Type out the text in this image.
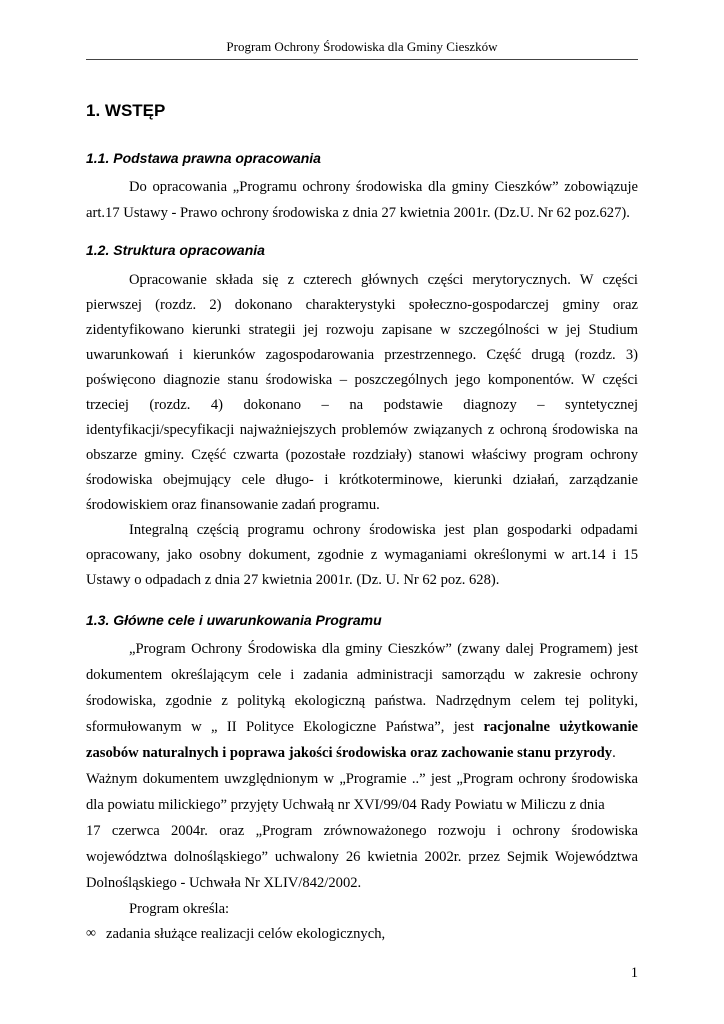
Program Ochrony Środowiska dla Gminy Cieszków
1. WSTĘP
1.1. Podstawa prawna opracowania
Do opracowania „Programu ochrony środowiska dla gminy Cieszków” zobowiązuje
art.17 Ustawy - Prawo ochrony środowiska z dnia 27 kwietnia 2001r. (Dz.U. Nr 62 poz.627).
1.2. Struktura opracowania
Opracowanie składa się z czterech głównych części merytorycznych. W części
pierwszej (rozdz. 2) dokonano charakterystyki społeczno-gospodarczej gminy oraz
zidentyfikowano kierunki strategii jej rozwoju zapisane w szczególności w jej Studium
uwarunkowań i kierunków zagospodarowania przestrzennego. Część drugą (rozdz. 3)
poświęcono diagnozie stanu środowiska – poszczególnych jego komponentów. W części
trzeciej (rozdz. 4) dokonano – na podstawie diagnozy – syntetycznej
identyfikacji/specyfikacji najważniejszych problemów związanych z ochroną środowiska na
obszarze gminy. Część czwarta (pozostałe rozdziały) stanowi właściwy program ochrony
środowiska obejmujący cele długo- i krótkoterminowe, kierunki działań, zarządzanie
środowiskiem oraz finansowanie zadań programu.
Integralną częścią programu ochrony środowiska jest plan gospodarki odpadami
opracowany, jako osobny dokument, zgodnie z wymaganiami określonymi w art.14 i 15
Ustawy o odpadach z dnia 27 kwietnia 2001r. (Dz. U. Nr 62 poz. 628).
1.3. Główne cele i uwarunkowania Programu
„Program Ochrony Środowiska dla gminy Cieszków” (zwany dalej Programem) jest
dokumentem określającym cele i zadania administracji samorządu w zakresie ochrony
środowiska, zgodnie z polityką ekologiczną państwa. Nadrzędnym celem tej polityki,
sformułowanym w „ II Polityce Ekologiczne Państwa”, jest racjonalne użytkowanie
zasobów naturalnych i poprawa jakości środowiska oraz zachowanie stanu przyrody.
Ważnym dokumentem uwzględnionym w „Programie ..” jest „Program ochrony środowiska
dla powiatu milickiego” przyjęty Uchwałą nr XVI/99/04 Rady Powiatu w Miliczu z dnia
17 czerwca 2004r. oraz „Program zrównoważonego rozwoju i ochrony środowiska
województwa dolnośląskiego” uchwalony 26 kwietnia 2002r. przez Sejmik Województwa
Dolnośląskiego - Uchwała Nr XLIV/842/2002.
Program określa:
∞ zadania służące realizacji celów ekologicznych,
1
